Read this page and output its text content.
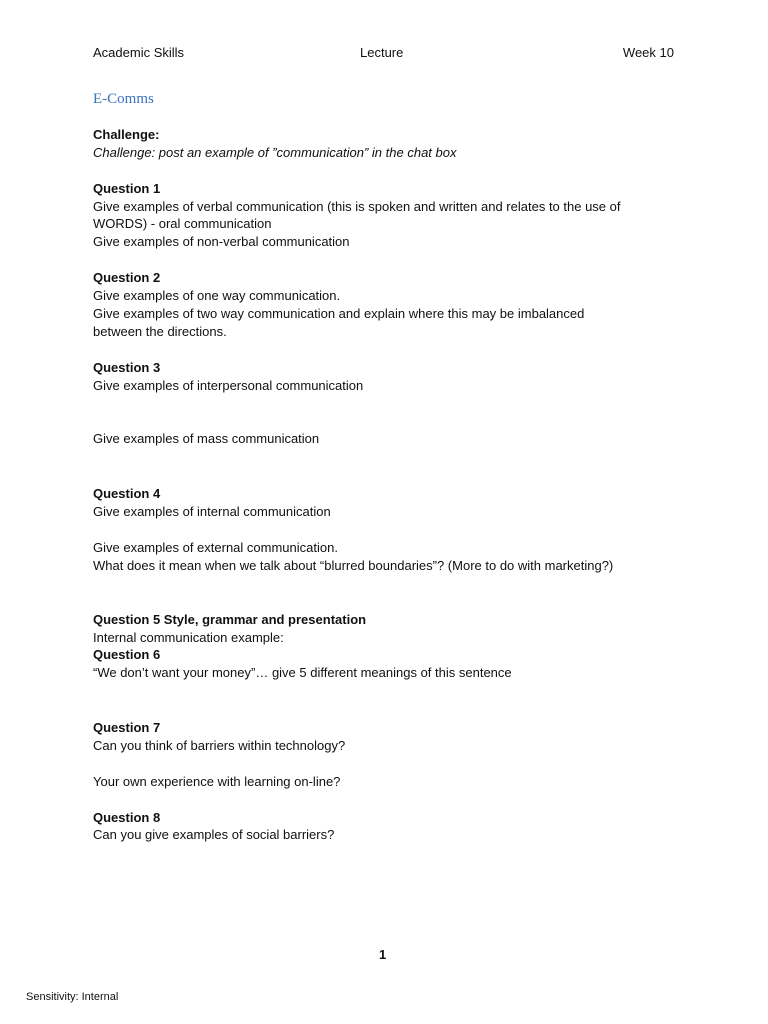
Academic Skills	Lecture	Week 10
E-Comms
Challenge:
Challenge: post an example of ”communication” in the chat box
Question 1
Give examples of verbal communication (this is spoken and written and relates to the use of
WORDS) - oral communication
Give examples of non-verbal communication
Question 2
Give examples of one way communication.
Give examples of two way communication and explain where this may be imbalanced
between the directions.
Question 3
Give examples of interpersonal communication
Give examples of mass communication
Question 4
Give examples of internal communication
Give examples of external communication.
What does it mean when we talk about “blurred boundaries”? (More to do with marketing?)
Question 5 Style, grammar and presentation
Internal communication example:
Question 6
“We don’t want your money”… give 5 different meanings of this sentence
Question 7
Can you think of barriers within technology?
Your own experience with learning on-line?
Question 8
Can you give examples of social barriers?
1
Sensitivity: Internal
